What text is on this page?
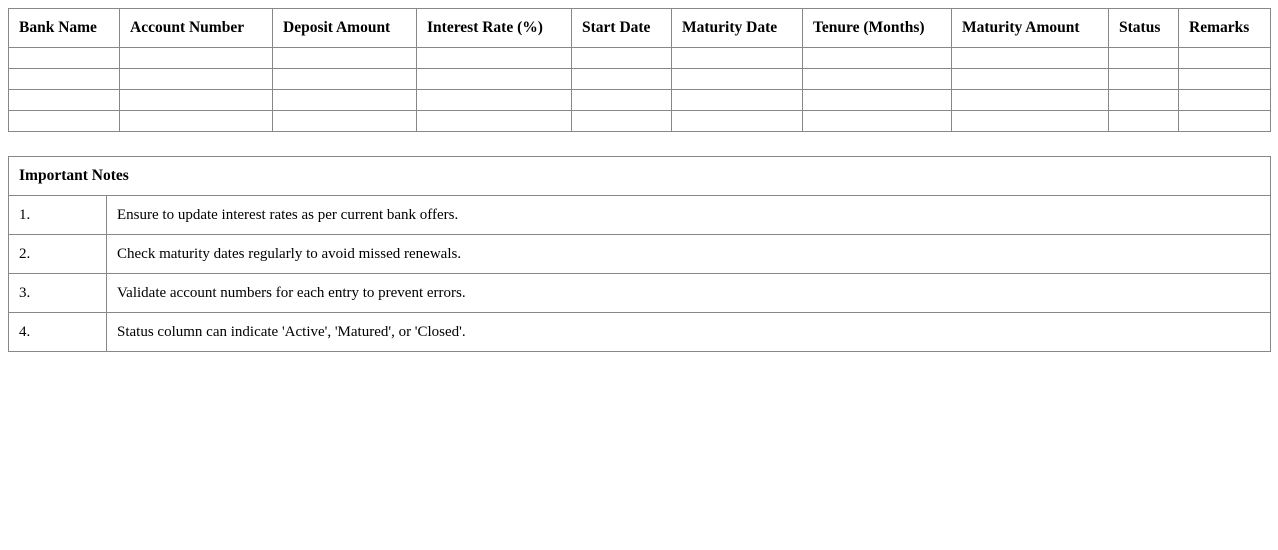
Bank Name	Account Number	Deposit Amount	Interest Rate (%)	Start Date	Maturity Date	Tenure (Months)	Maturity Amount	Status	Remarks

Important Notes	
1.	Ensure to update interest rates as per current bank offers.
2.	Check maturity dates regularly to avoid missed renewals.
3.	Validate account numbers for each entry to prevent errors.
4.	Status column can indicate 'Active', 'Matured', or 'Closed'.
